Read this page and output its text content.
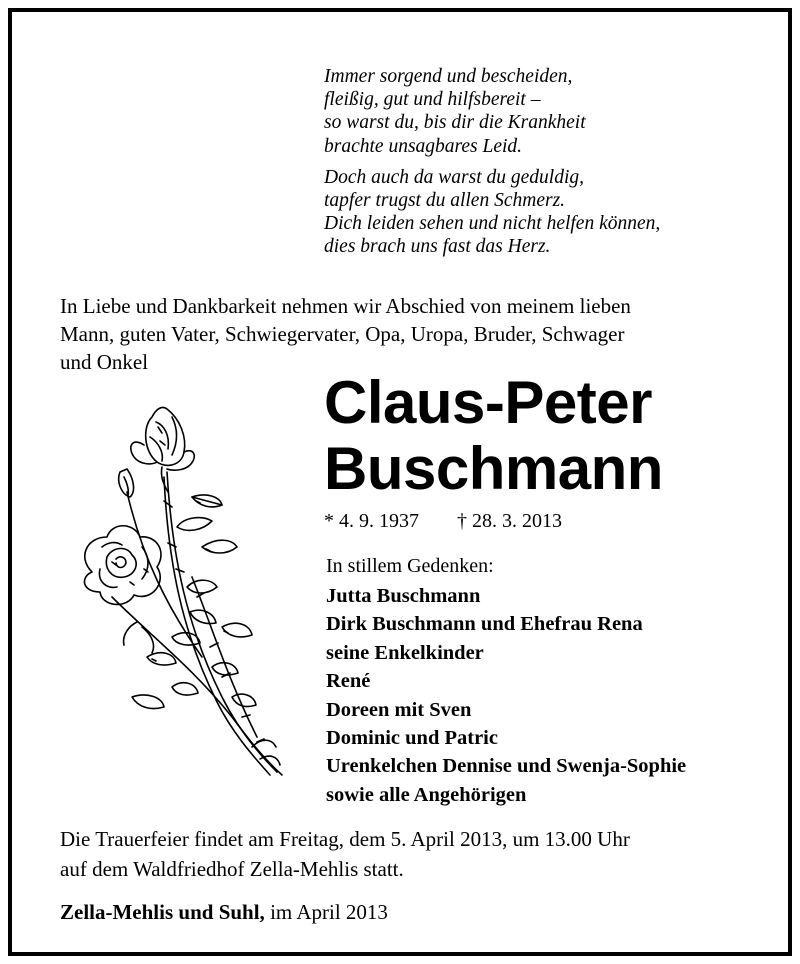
Immer sorgend und bescheiden,
fleißig, gut und hilfsbereit –
so warst du, bis dir die Krankheit
brachte unsagbares Leid.

Doch auch da warst du geduldig,
tapfer trugst du allen Schmerz.
Dich leiden sehen und nicht helfen können,
dies brach uns fast das Herz.

In Liebe und Dankbarkeit nehmen wir Abschied von meinem lieben
Mann, guten Vater, Schwiegervater, Opa, Uropa, Bruder, Schwager
und Onkel
Claus-Peter
Buschmann
* 4. 9. 1937 † 28. 3. 2013
In stillem Gedenken:
Jutta Buschmann
Dirk Buschmann und Ehefrau Rena
seine Enkelkinder
René
Doreen mit Sven
Dominic und Patric
Urenkelchen Dennise und Swenja-Sophie
sowie alle Angehörigen
Die Trauerfeier findet am Freitag, dem 5. April 2013, um 13.00 Uhr
auf dem Waldfriedhof Zella-Mehlis statt.
Zella-Mehlis und Suhl, im April 2013
